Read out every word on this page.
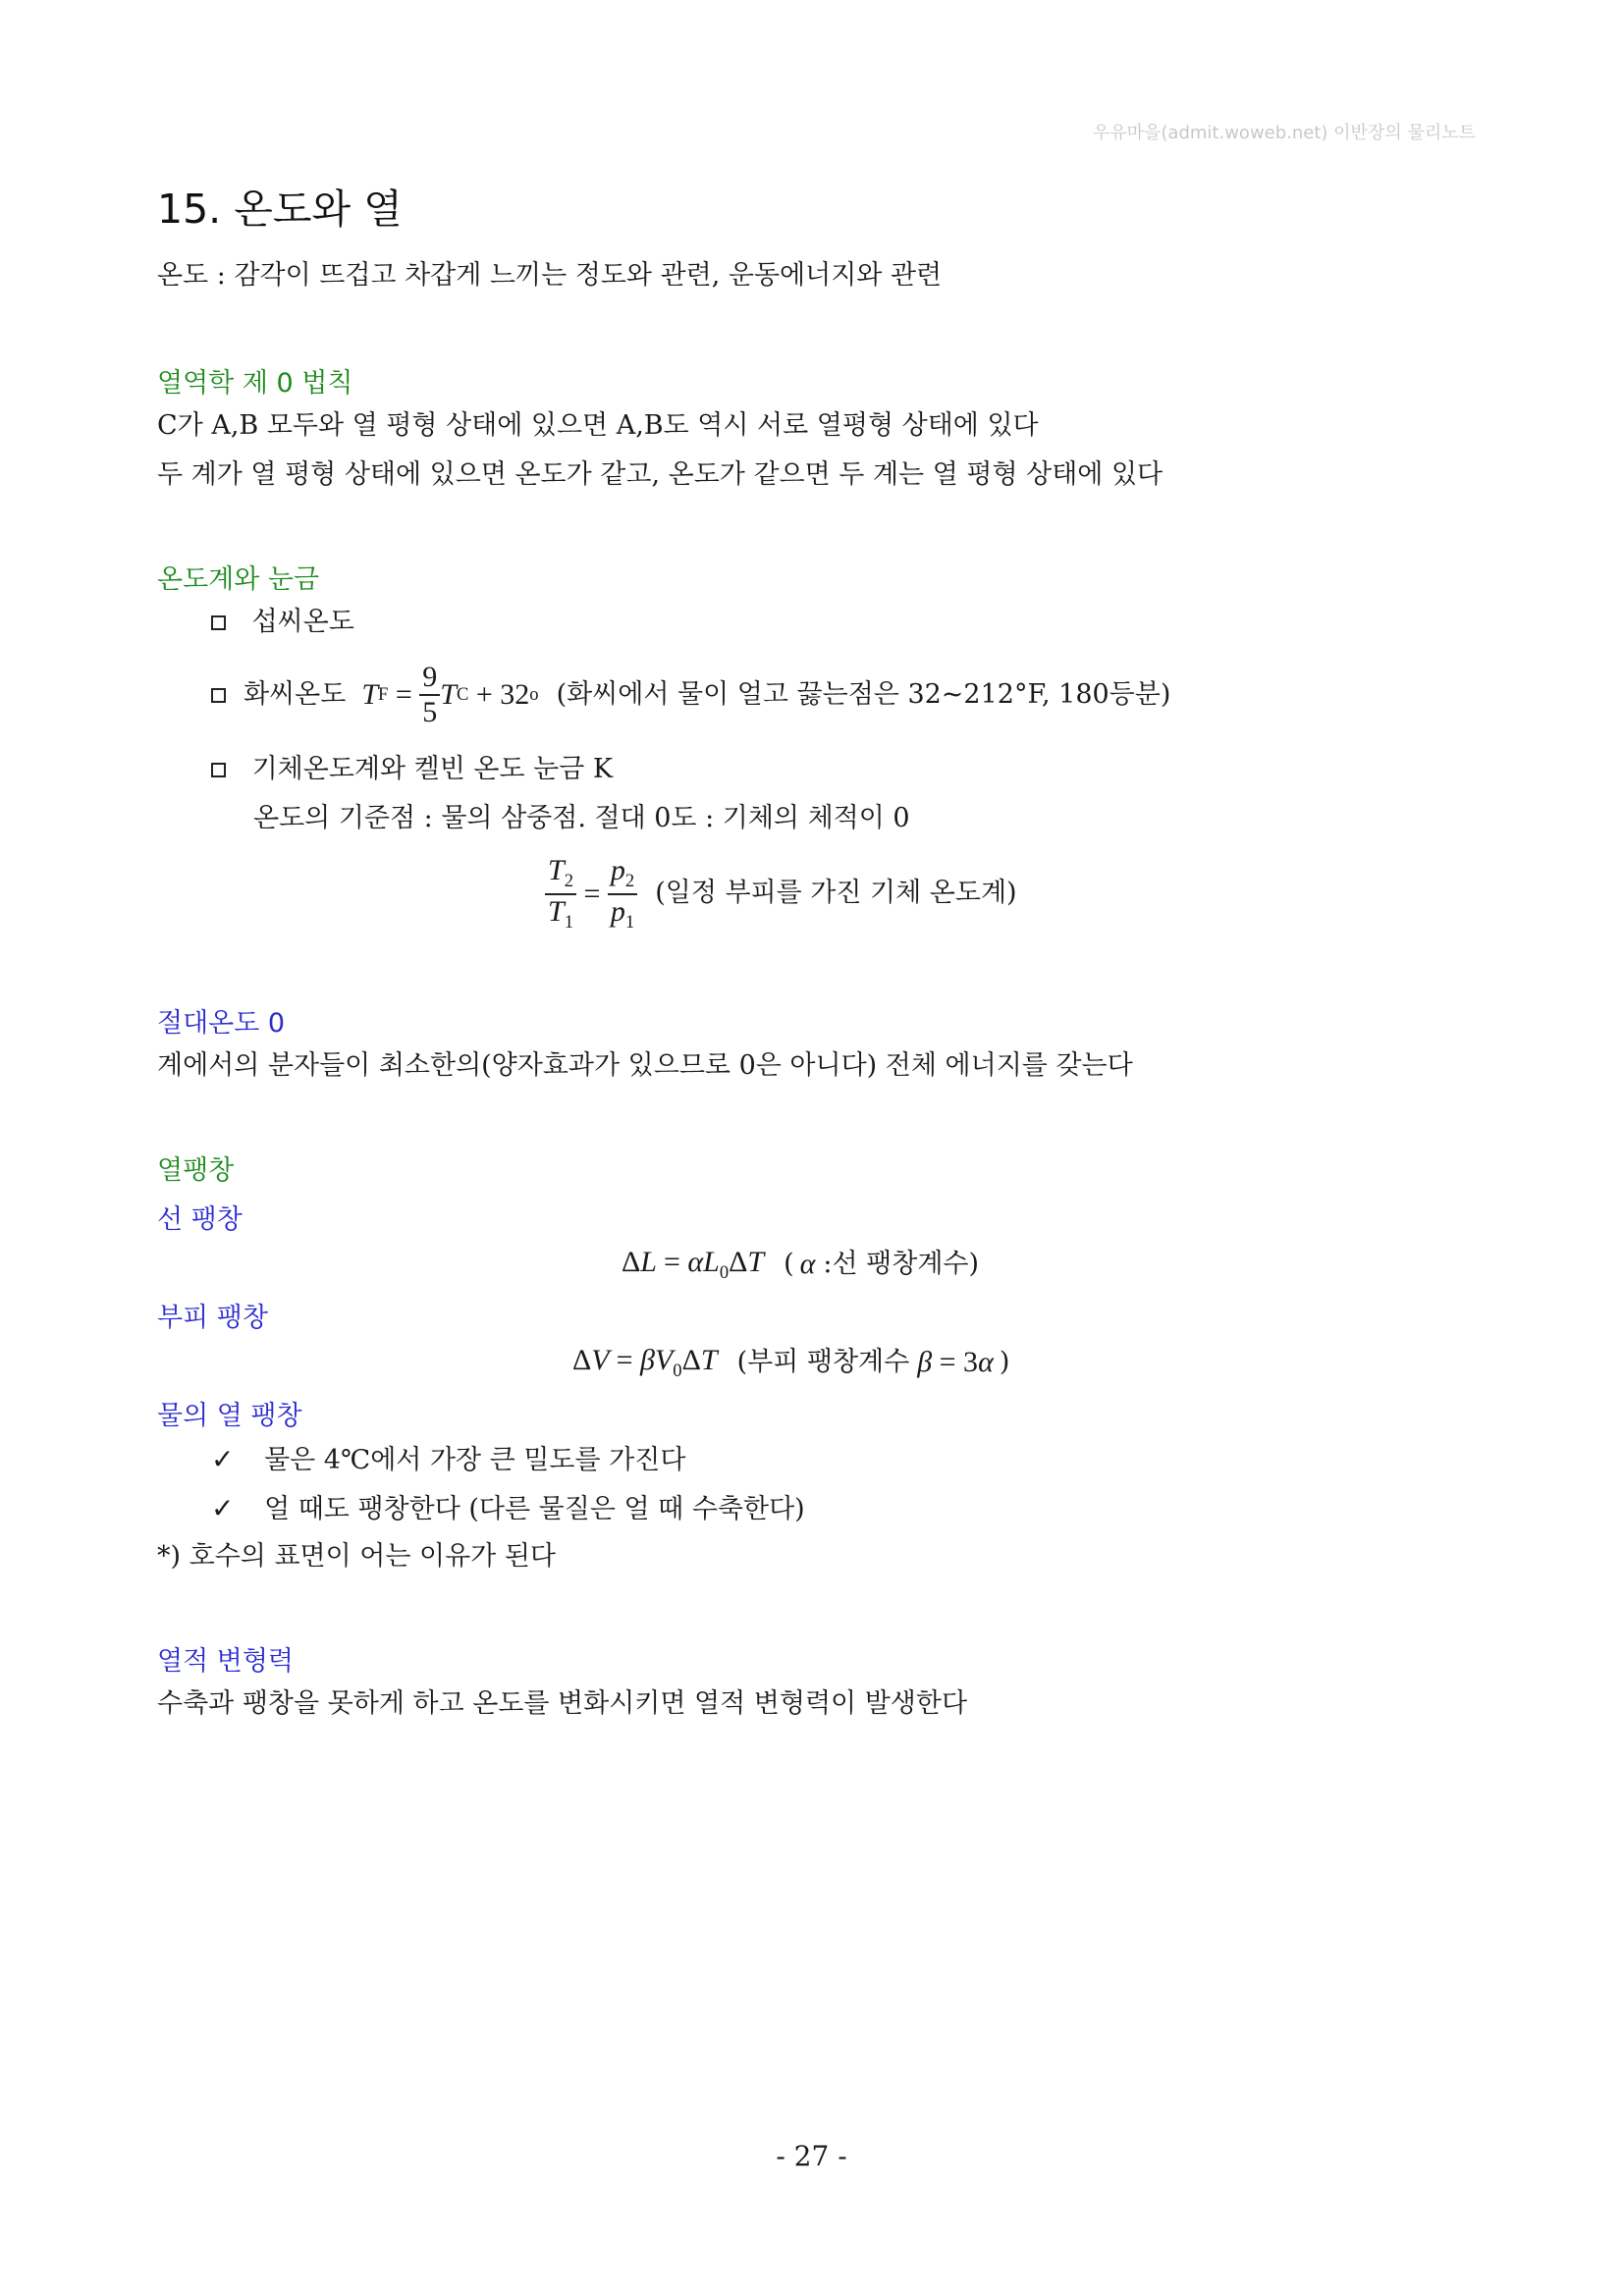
우유마을(admit.woweb.net) 이반장의 물리노트
15. 온도와 열
온도 : 감각이 뜨겁고 차갑게 느끼는 정도와 관련, 운동에너지와 관련
열역학 제 0 법칙
C가 A,B 모두와 열 평형 상태에 있으면 A,B도 역시 서로 열평형 상태에 있다
두 계가 열 평형 상태에 있으면 온도가 같고, 온도가 같으면 두 계는 열 평형 상태에 있다
온도계와 눈금
섭씨온도
화씨온도 T F
=
$\frac{9}{5}$ T C
+ 32 o (화씨에서 물이 얼고 끓는점은 32~212°F, 180등분)
기체온도계와 켈빈 온도 눈금 K
온도의 기준점 : 물의 삼중점. 절대 0도 : 기체의 체적이 0
$\frac{T_2}{T_1}$
=
$\frac{p_2}{p_1}$ (일정 부피를 가진 기체 온도계)
절대온도 0
계에서의 분자들이 최소한의(양자효과가 있으므로 0은 아니다) 전체 에너지를 갖는다
열팽창
선 팽창
$\Delta L = \alpha L_0\Delta T$ ( α : 선 팽창계수)
부피 팽창
$\Delta V = \beta V_0\Delta T$ (부피 팽창계수 β = 3α )
물의 열 팽창
✓ 물은 4℃에서 가장 큰 밀도를 가진다
✓ 얼 때도 팽창한다 (다른 물질은 얼 때 수축한다)
*) 호수의 표면이 어는 이유가 된다
열적 변형력
수축과 팽창을 못하게 하고 온도를 변화시키면 열적 변형력이 발생한다
- 27 -
